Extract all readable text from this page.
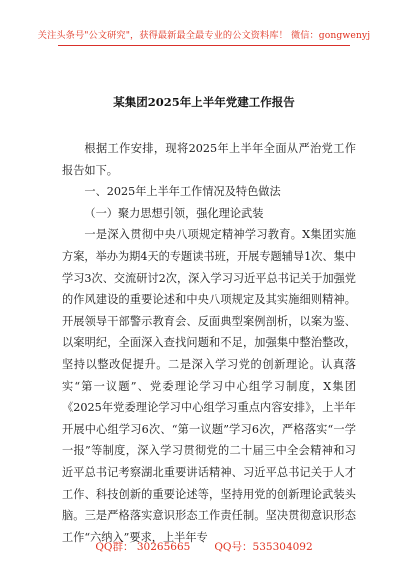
关注头条号"公文研究"，获得最新最全最专业的公文资料库！ 微信：gongwenyj
某集团2025年上半年党建工作报告

根据工作安排，现将2025年上半年全面从严治党工作报告如下。

一、2025年上半年工作情况及特色做法

（一）聚力思想引领，强化理论武装

一是深入贯彻中央八项规定精神学习教育。X集团实施方案，举办为期4天的专题读书班，开展专题辅导1次、集中学习3次、交流研讨2次，深入学习习近平总书记关于加强党的作风建设的重要论述和中央八项规定及其实施细则精神。开展领导干部警示教育会、反面典型案例剖析，以案为鉴、以案明纪，全面深入查找问题和不足，加强集中整治整改，坚持以整改促提升。二是深入学习党的创新理论。认真落实“第一议题”、党委理论学习中心组学习制度，X集团《2025年党委理论学习中心组学习重点内容安排》，上半年开展中心组学习6次、“第一议题”学习6次，严格落实“一学一报”等制度，深入学习贯彻党的二十届三中全会精神和习近平总书记考察湖北重要讲话精神、习近平总书记关于人才工作、科技创新的重要论述等，坚持用党的创新理论武装头脑。三是严格落实意识形态工作责任制。坚决贯彻意识形态工作“六纳入”要求，上半年专

QQ群： 30265665 QQ号：535304092
